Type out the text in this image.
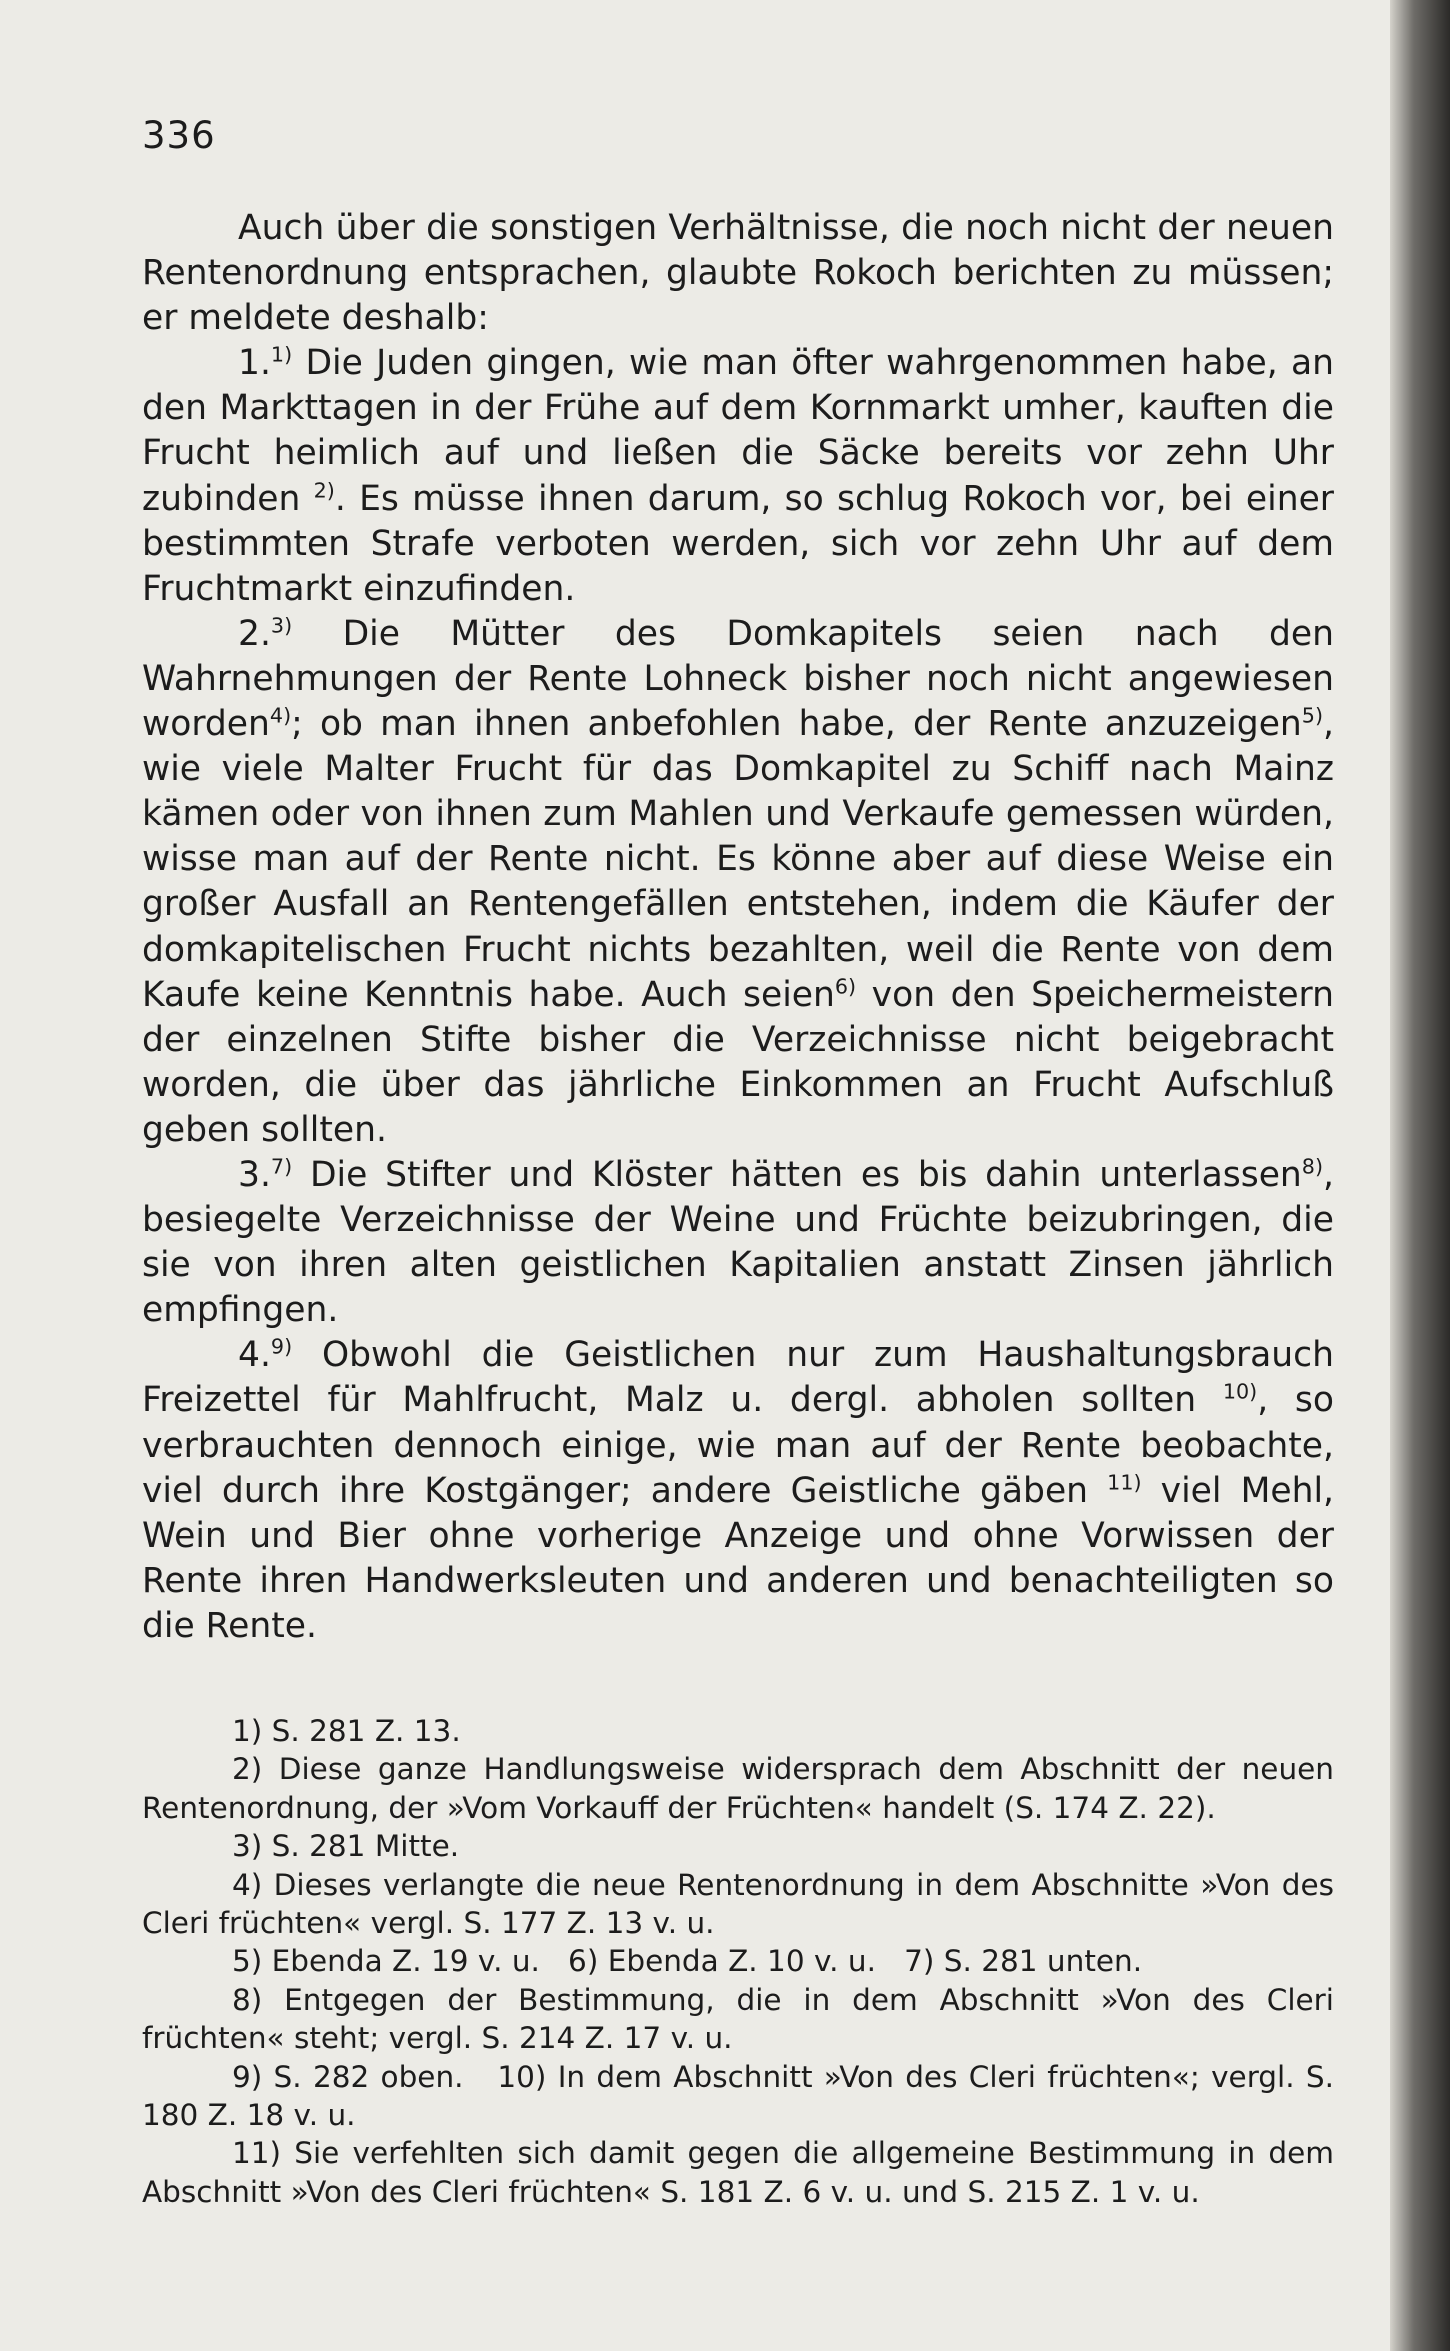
336

Auch über die sonstigen Verhältnisse, die noch nicht der neuen Rentenordnung entsprachen, glaubte Rokoch berichten zu müssen; er meldete deshalb:

1.$^{1)}$ Die Juden gingen, wie man öfter wahrgenommen habe, an den Markttagen in der Frühe auf dem Kornmarkt umher, kauften die Frucht heimlich auf und ließen die Säcke bereits vor zehn Uhr zubinden $^{2)}$. Es müsse ihnen darum, so schlug Rokoch vor, bei einer bestimmten Strafe verboten werden, sich vor zehn Uhr auf dem Fruchtmarkt einzufinden.

2.$^{3)}$ Die Mütter des Domkapitels seien nach den Wahrnehmungen der Rente Lohneck bisher noch nicht angewiesen worden$^{4)}$; ob man ihnen anbefohlen habe, der Rente anzuzeigen$^{5)}$, wie viele Malter Frucht für das Domkapitel zu Schiff nach Mainz kämen oder von ihnen zum Mahlen und Verkaufe gemessen würden, wisse man auf der Rente nicht. Es könne aber auf diese Weise ein großer Ausfall an Rentengefällen entstehen, indem die Käufer der domkapitelischen Frucht nichts bezahlten, weil die Rente von dem Kaufe keine Kenntnis habe. Auch seien$^{6)}$ von den Speichermeistern der einzelnen Stifte bisher die Verzeichnisse nicht beigebracht worden, die über das jährliche Einkommen an Frucht Aufschluß geben sollten.

3.$^{7)}$ Die Stifter und Klöster hätten es bis dahin unterlassen$^{8)}$, besiegelte Verzeichnisse der Weine und Früchte beizubringen, die sie von ihren alten geistlichen Kapitalien anstatt Zinsen jährlich empfingen.

4.$^{9)}$ Obwohl die Geistlichen nur zum Haushaltungsbrauch Freizettel für Mahlfrucht, Malz u. dergl. abholen sollten $^{10)}$, so verbrauchten dennoch einige, wie man auf der Rente beobachte, viel durch ihre Kostgänger; andere Geistliche gäben $^{11)}$ viel Mehl, Wein und Bier ohne vorherige Anzeige und ohne Vorwissen der Rente ihren Handwerksleuten und anderen und benachteiligten so die Rente.

1) S. 281 Z. 13.

2) Diese ganze Handlungsweise widersprach dem Abschnitt der neuen Rentenordnung, der »Vom Vorkauff der Früchten« handelt (S. 174 Z. 22).

3) S. 281 Mitte.

4) Dieses verlangte die neue Rentenordnung in dem Abschnitte »Von des Cleri früchten« vergl. S. 177 Z. 13 v. u.

5) Ebenda Z. 19 v. u.   6) Ebenda Z. 10 v. u.   7) S. 281 unten.

8) Entgegen der Bestimmung, die in dem Abschnitt »Von des Cleri früchten« steht; vergl. S. 214 Z. 17 v. u.

9) S. 282 oben.   10) In dem Abschnitt »Von des Cleri früchten«; vergl. S. 180 Z. 18 v. u.

11) Sie verfehlten sich damit gegen die allgemeine Bestimmung in dem Abschnitt »Von des Cleri früchten« S. 181 Z. 6 v. u. und S. 215 Z. 1 v. u.
